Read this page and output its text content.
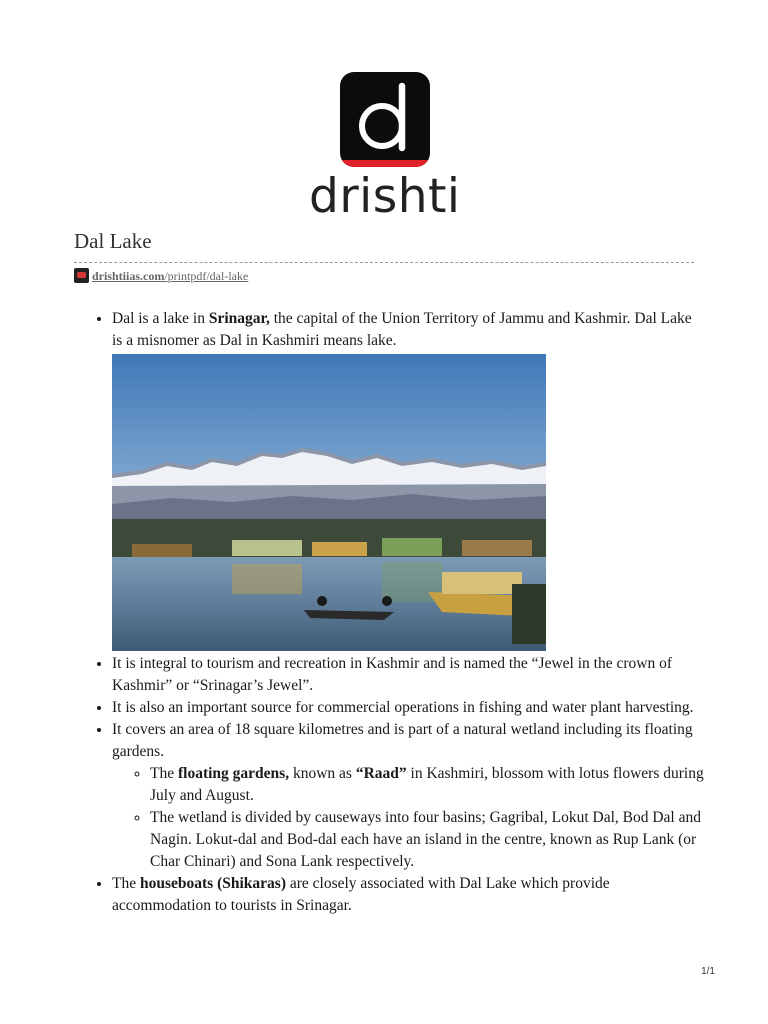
drishti
Dal Lake
drishtiias.com/printpdf/dal-lake
• Dal is a lake in Srinagar, the capital of the Union Territory of Jammu and Kashmir. Dal Lake is a misnomer as Dal in Kashmiri means lake.
• It is integral to tourism and recreation in Kashmir and is named the “Jewel in the crown of Kashmir” or “Srinagar’s Jewel”.
• It is also an important source for commercial operations in fishing and water plant harvesting.
• It covers an area of 18 square kilometres and is part of a natural wetland including its floating gardens.
◦ The floating gardens, known as “Raad” in Kashmiri, blossom with lotus flowers during July and August.
◦ The wetland is divided by causeways into four basins; Gagribal, Lokut Dal, Bod Dal and Nagin. Lokut-dal and Bod-dal each have an island in the centre, known as Rup Lank (or Char Chinari) and Sona Lank respectively.
• The houseboats (Shikaras) are closely associated with Dal Lake which provide accommodation to tourists in Srinagar.
1/1
